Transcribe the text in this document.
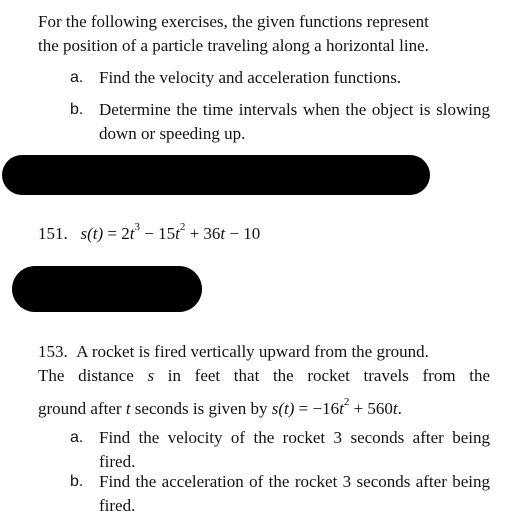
For the following exercises, the given functions represent
the position of a particle traveling along a horizontal line.
a. Find the velocity and acceleration functions.
b. Determine the time intervals when the object is slowing down or speeding up.
151. $s(t) = 2t^3 - 15t^2 + 36t - 10$
153. A rocket is fired vertically upward from the ground.
The distance s in feet that the rocket travels from the
ground after t seconds is given by $s(t) = -16t^2 + 560t$.
a. Find the velocity of the rocket 3 seconds after being fired.
b. Find the acceleration of the rocket 3 seconds after being fired.
